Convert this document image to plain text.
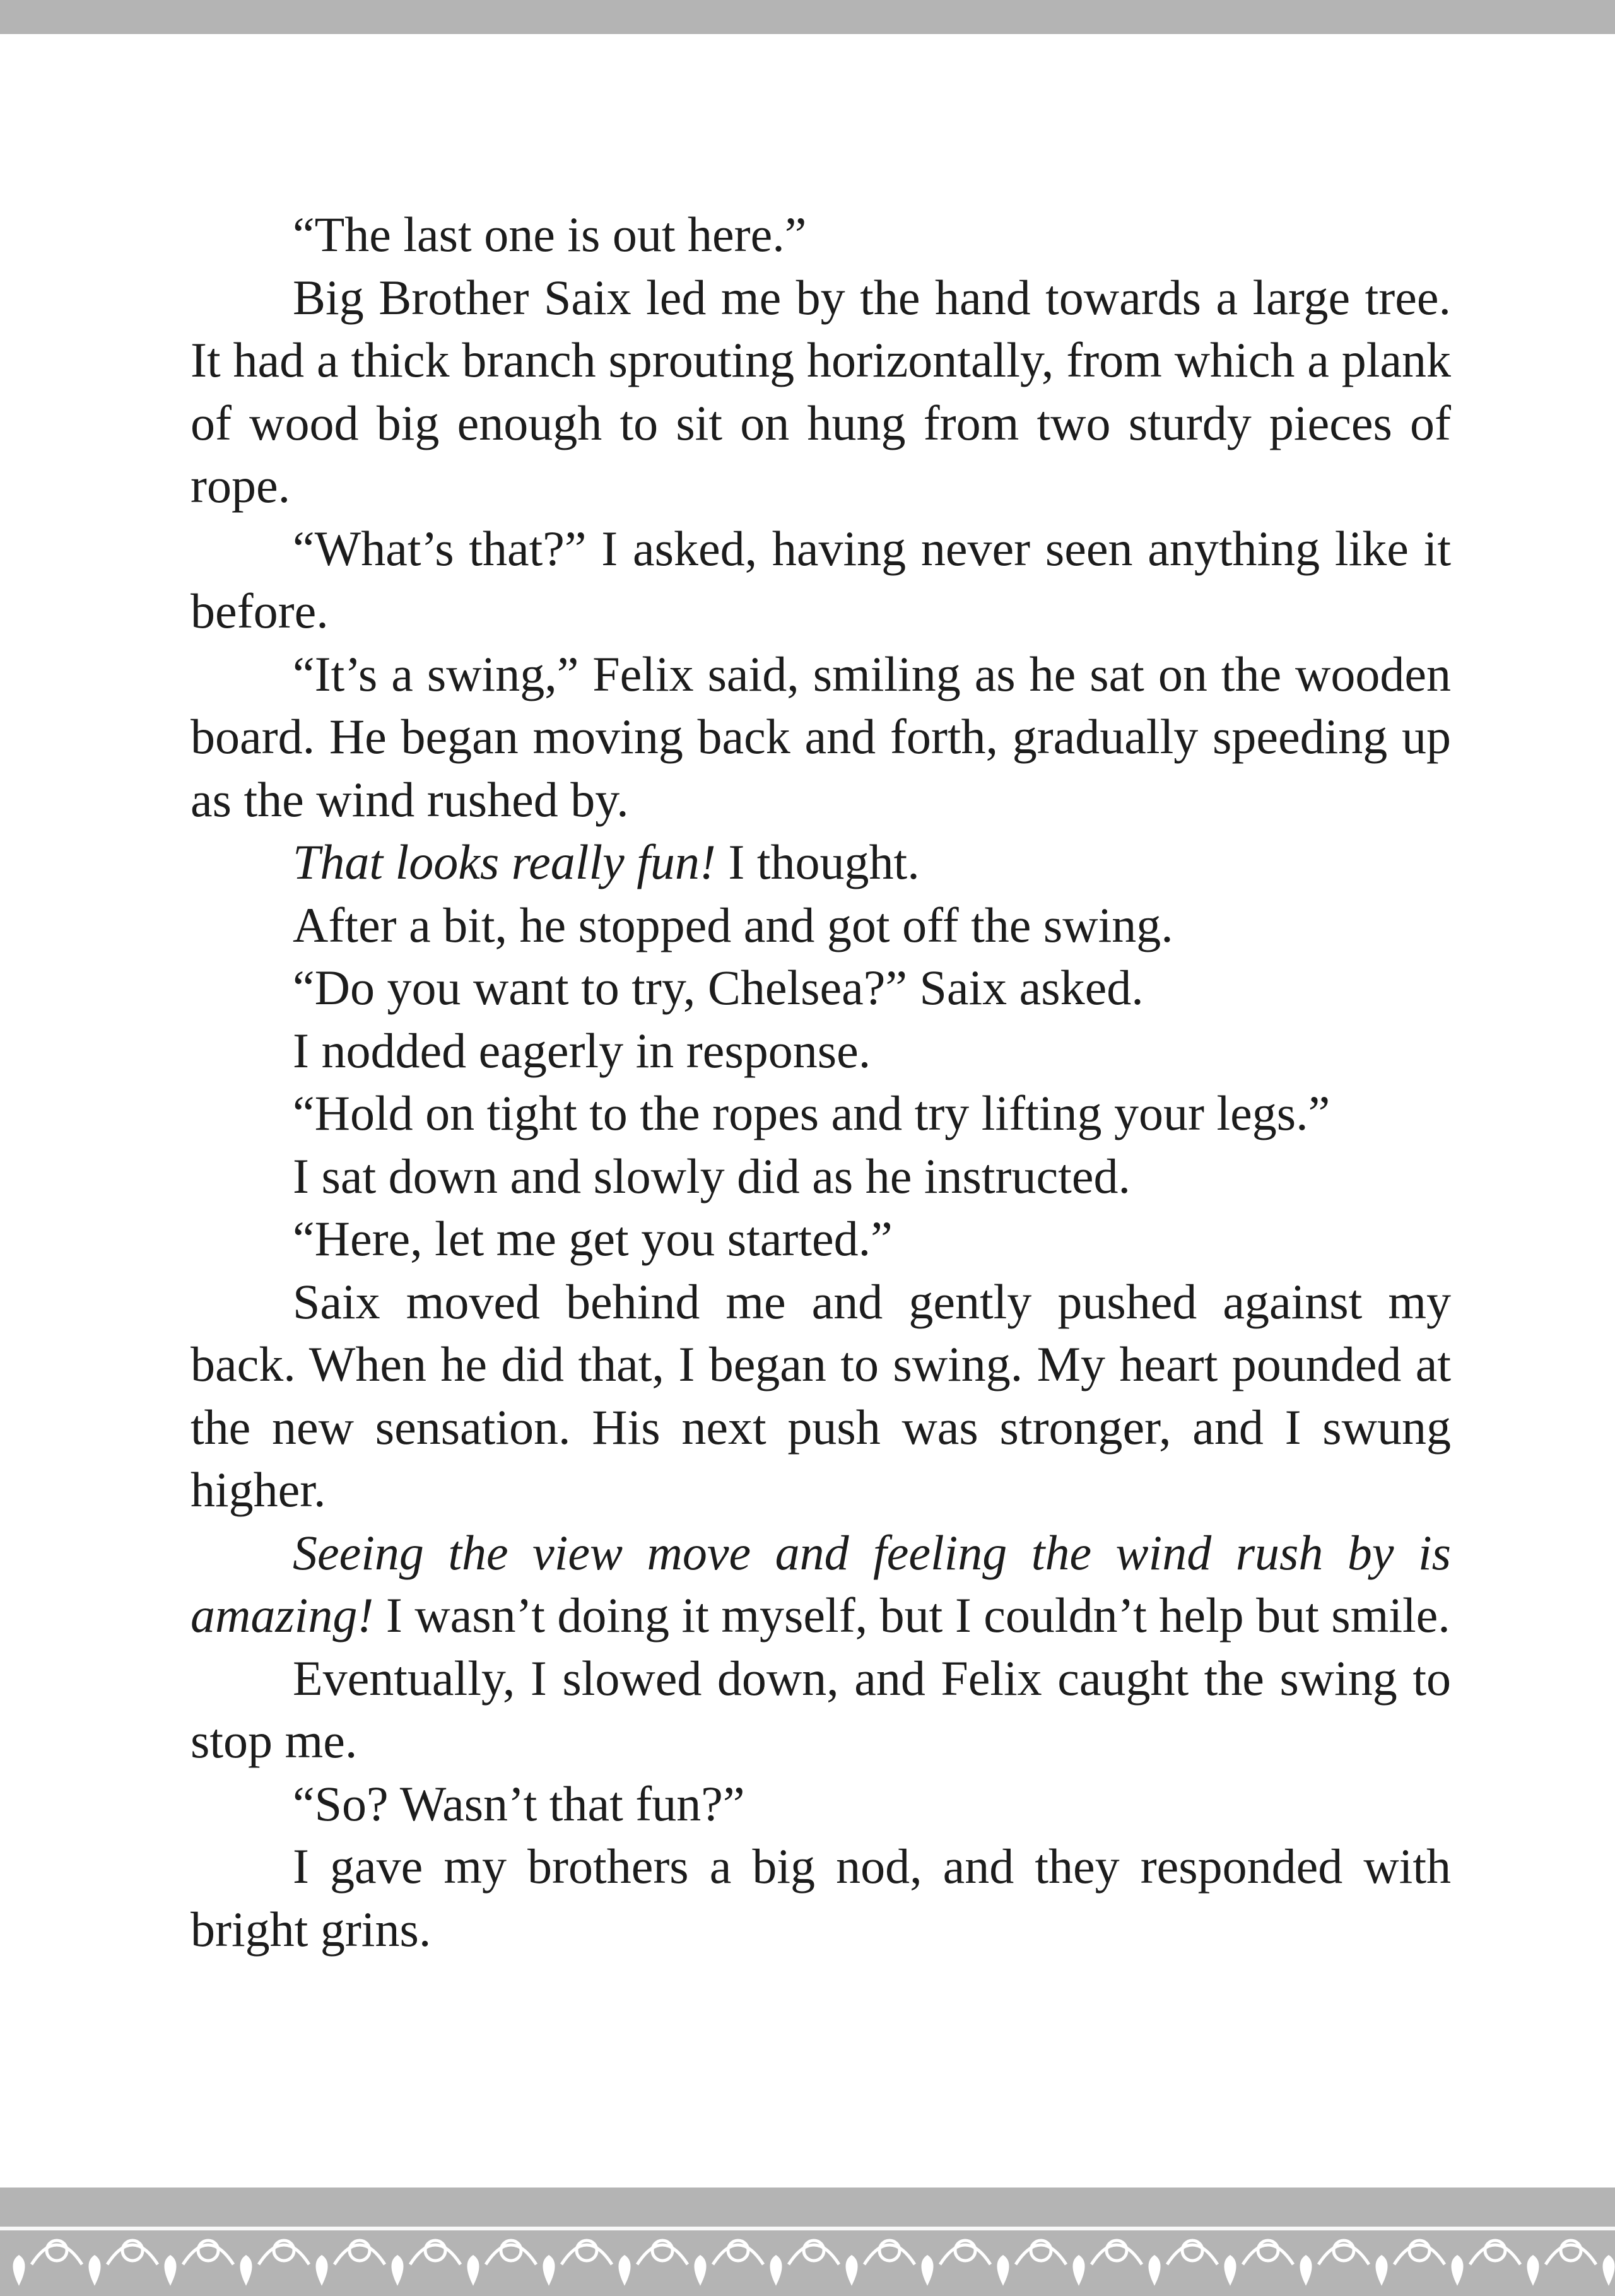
“The last one is out here.”

Big Brother Saix led me by the hand towards a large tree. It had a thick branch sprouting horizontally, from which a plank of wood big enough to sit on hung from two sturdy pieces of rope.

“What’s that?” I asked, having never seen anything like it before.

“It’s a swing,” Felix said, smiling as he sat on the wooden board. He began moving back and forth, gradually speeding up as the wind rushed by.

That looks really fun! I thought.

After a bit, he stopped and got off the swing.

“Do you want to try, Chelsea?” Saix asked.

I nodded eagerly in response.

“Hold on tight to the ropes and try lifting your legs.”

I sat down and slowly did as he instructed.

“Here, let me get you started.”

Saix moved behind me and gently pushed against my back. When he did that, I began to swing. My heart pounded at the new sensation. His next push was stronger, and I swung higher.

Seeing the view move and feeling the wind rush by is amazing! I wasn’t doing it myself, but I couldn’t help but smile.

Eventually, I slowed down, and Felix caught the swing to stop me.

“So? Wasn’t that fun?”

I gave my brothers a big nod, and they responded with bright grins.
